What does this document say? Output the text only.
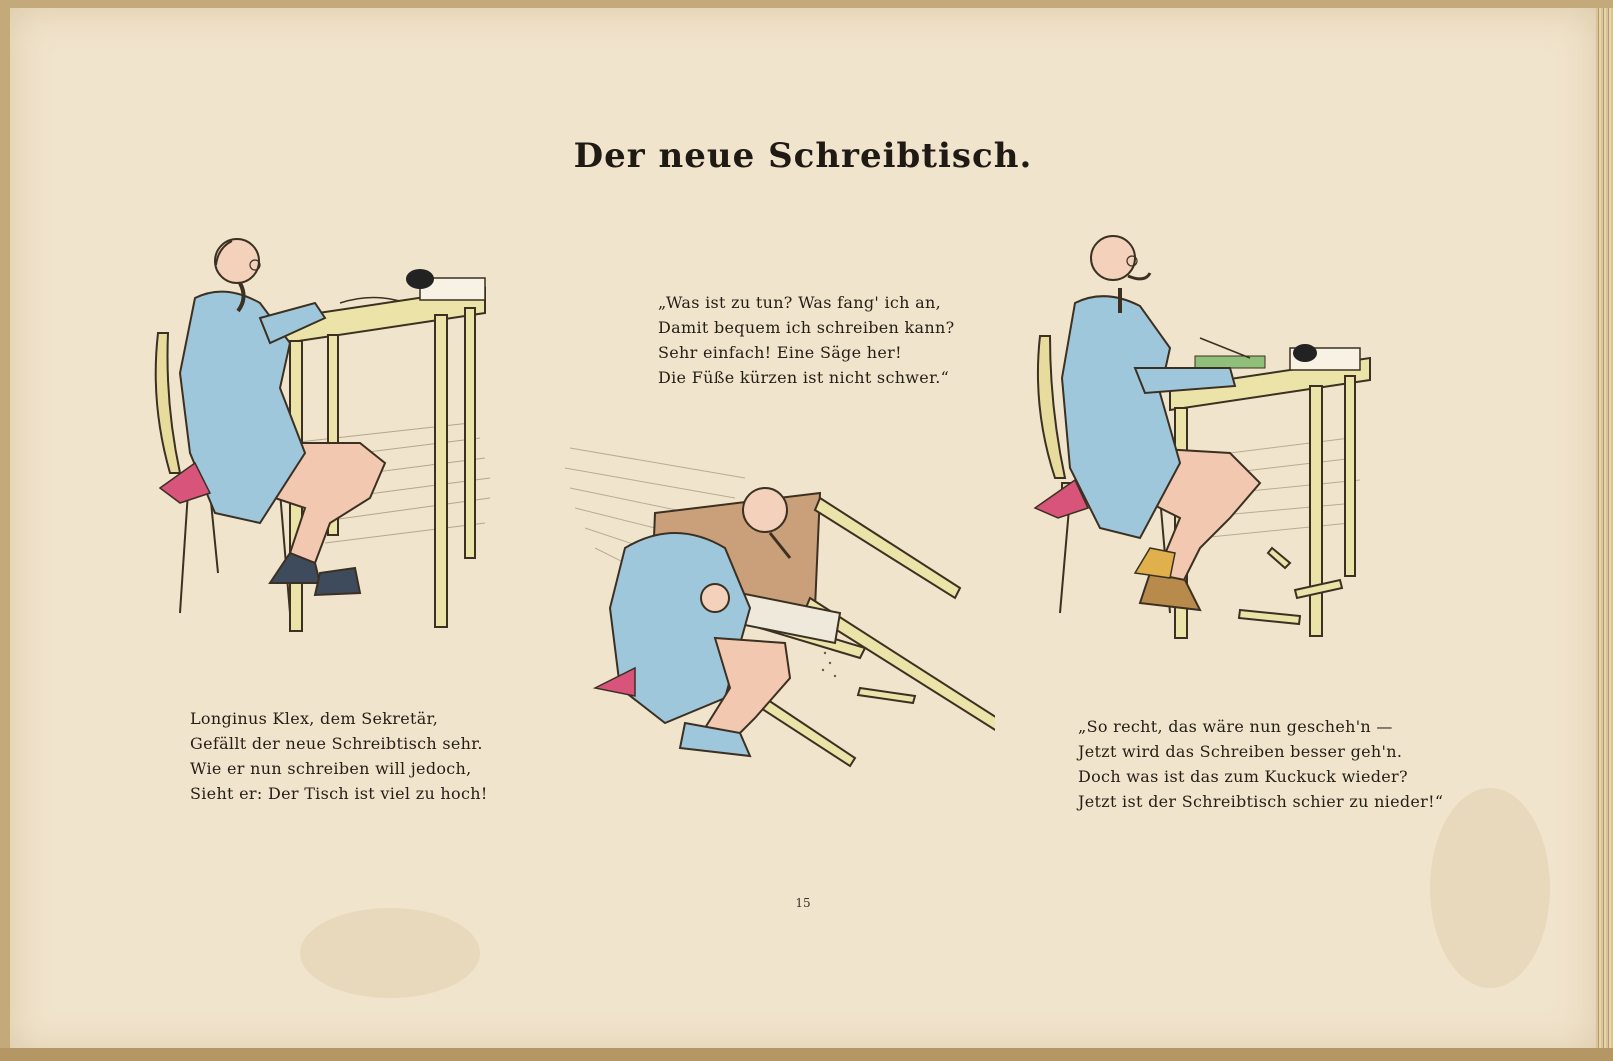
Der neue Schreibtisch.
„Was ist zu tun? Was fang' ich an,
Damit bequem ich schreiben kann?
Sehr einfach! Eine Säge her!
Die Füße kürzen ist nicht schwer.“
Longinus Klex, dem Sekretär,
Gefällt der neue Schreibtisch sehr.
Wie er nun schreiben will jedoch,
Sieht er: Der Tisch ist viel zu hoch!
„So recht, das wäre nun gescheh'n —
Jetzt wird das Schreiben besser geh'n.
Doch was ist das zum Kuckuck wieder?
Jetzt ist der Schreibtisch schier zu nieder!“
15
